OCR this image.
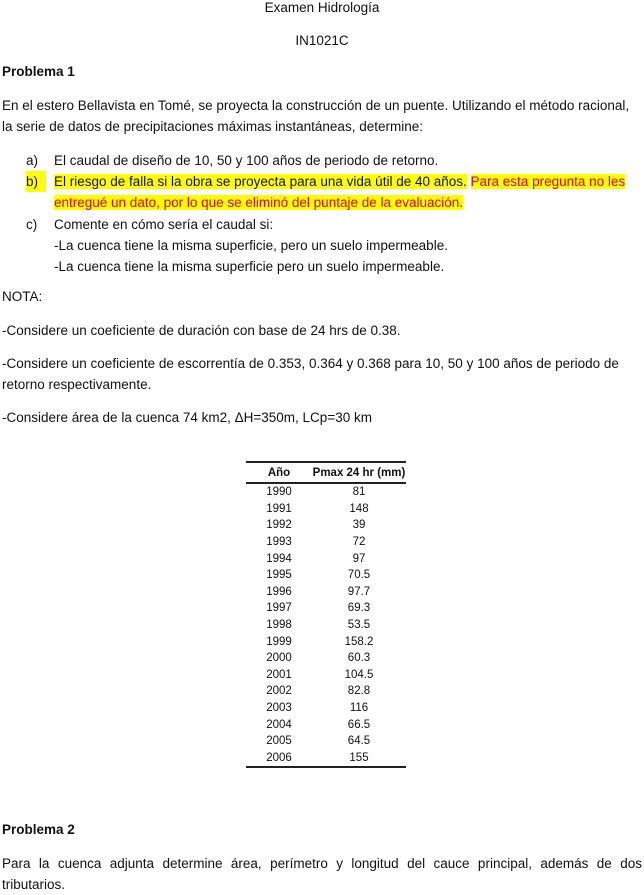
Examen Hidrología
IN1021C
Problema 1
En el estero Bellavista en Tomé, se proyecta la construcción de un puente. Utilizando el método racional, la serie de datos de precipitaciones máximas instantáneas, determine:
a)	El caudal de diseño de 10, 50 y 100 años de periodo de retorno.
b)	El riesgo de falla si la obra se proyecta para una vida útil de 40 años. Para esta pregunta no les entregué un dato, por lo que se eliminó del puntaje de la evaluación.
c)	Comente en cómo sería el caudal si:
-La cuenca tiene la misma superficie, pero un suelo impermeable.
-La cuenca tiene la misma superficie pero un suelo impermeable.
NOTA:
-Considere un coeficiente de duración con base de 24 hrs de 0.38.
-Considere un coeficiente de escorrentía de 0.353, 0.364 y 0.368 para 10, 50 y 100 años de periodo de retorno respectivamente.
-Considere área de la cuenca 74 km2, ΔH=350m, LCp=30 km
Año	Pmax 24 hr (mm)
1990	81
1991	148
1992	39
1993	72
1994	97
1995	70.5
1996	97.7
1997	69.3
1998	53.5
1999	158.2
2000	60.3
2001	104.5
2002	82.8
2003	116
2004	66.5
2005	64.5
2006	155
Problema 2
Para la cuenca adjunta determine área, perímetro y longitud del cauce principal, además de dos tributarios.
